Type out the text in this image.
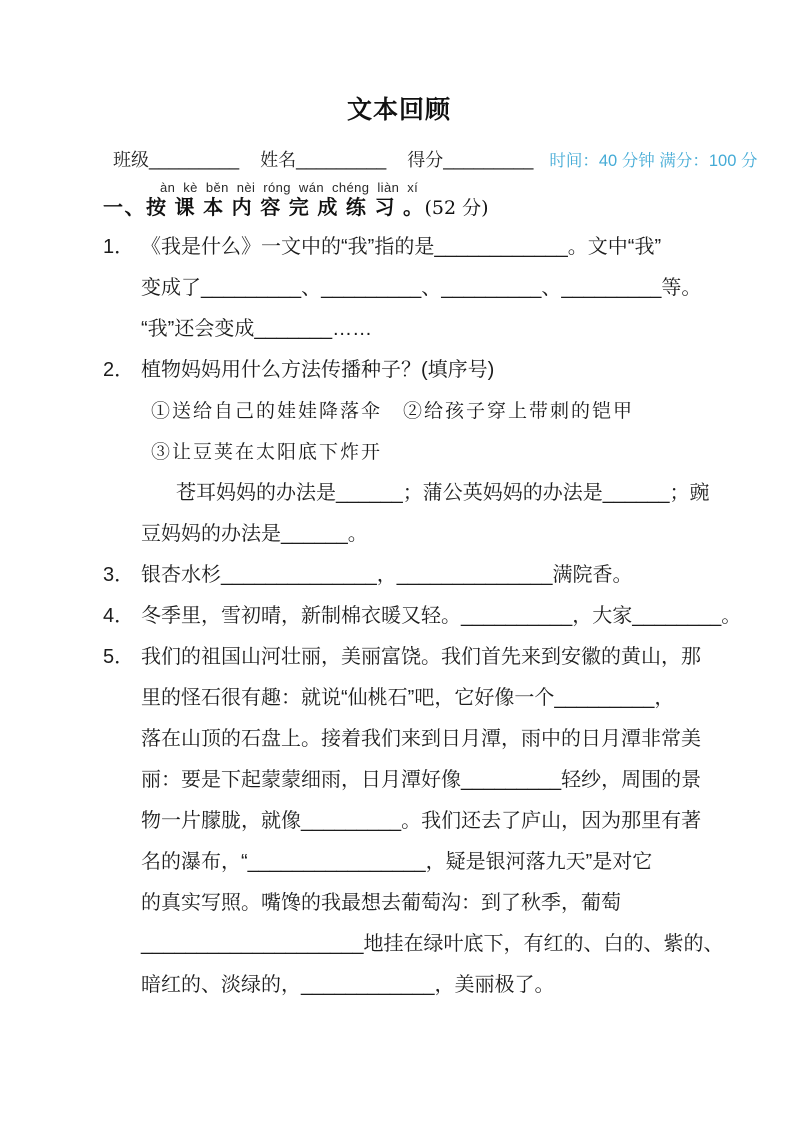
文本回顾
班级_________ 姓名_________ 得分_________ 时间：40 分钟 满分：100 分
àn kè běn nèi róng wán chéng liàn xí
一、按 课 本 内 容 完 成 练 习 。(52 分)
1． 《我是什么》一文中的“我”指的是____________。文中“我”
变成了_________、_________、_________、_________等。
“我”还会变成_______……
2． 植物妈妈用什么方法传播种子？(填序号)
①送给自己的娃娃降落伞　②给孩子穿上带刺的铠甲
③让豆荚在太阳底下炸开
苍耳妈妈的办法是______；蒲公英妈妈的办法是______；豌
豆妈妈的办法是______。
3． 银杏水杉______________，______________满院香。
4． 冬季里，雪初晴，新制棉衣暖又轻。__________，大家________。
5． 我们的祖国山河壮丽，美丽富饶。我们首先来到安徽的黄山，那
里的怪石很有趣：就说“仙桃石”吧，它好像一个_________，
落在山顶的石盘上。接着我们来到日月潭，雨中的日月潭非常美
丽：要是下起蒙蒙细雨，日月潭好像_________轻纱，周围的景
物一片朦胧，就像_________。我们还去了庐山，因为那里有著
名的瀑布，“________________，疑是银河落九天”是对它
的真实写照。嘴馋的我最想去葡萄沟：到了秋季，葡萄
____________________地挂在绿叶底下，有红的、白的、紫的、
暗红的、淡绿的，____________，美丽极了。
